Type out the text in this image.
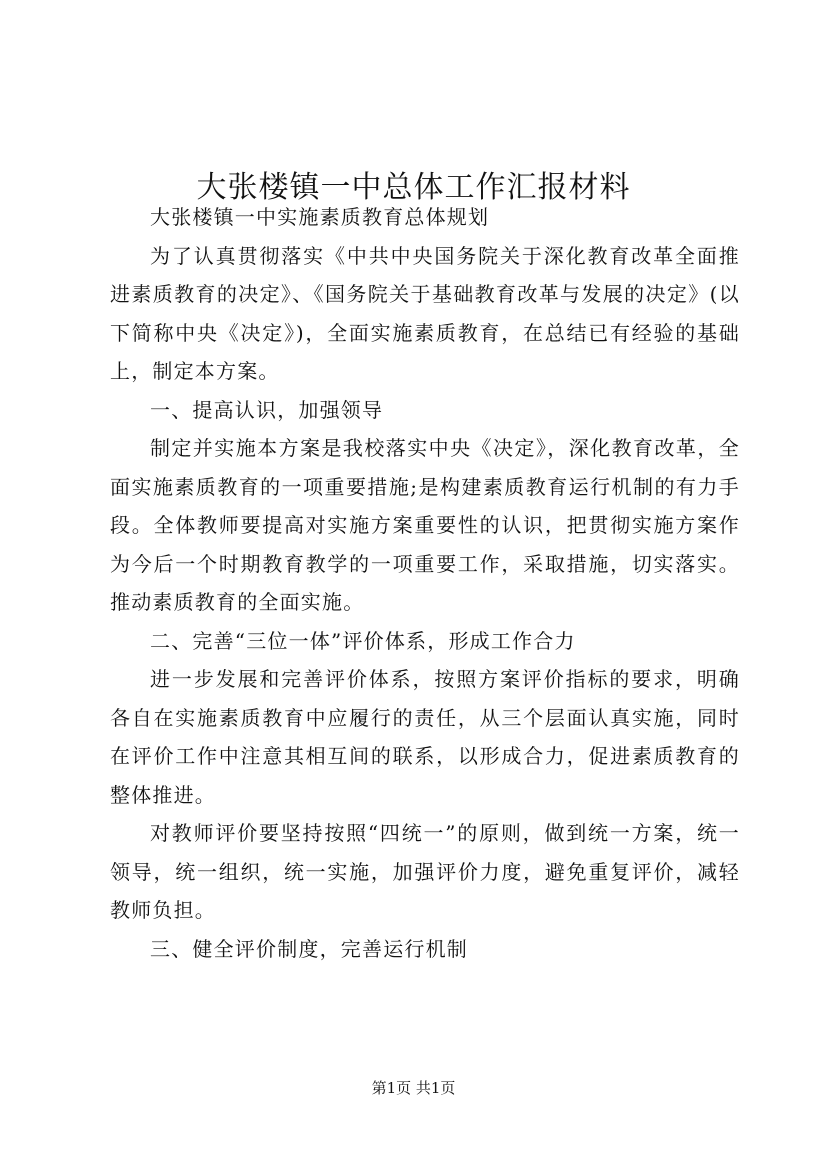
大张楼镇一中总体工作汇报材料

大张楼镇一中实施素质教育总体规划

为了认真贯彻落实《中共中央国务院关于深化教育改革全面推进素质教育的决定》、《国务院关于基础教育改革与发展的决定》(以下简称中央《决定》)，全面实施素质教育，在总结已有经验的基础上，制定本方案。

一、提高认识，加强领导

制定并实施本方案是我校落实中央《决定》，深化教育改革，全面实施素质教育的一项重要措施;是构建素质教育运行机制的有力手段。全体教师要提高对实施方案重要性的认识，把贯彻实施方案作为今后一个时期教育教学的一项重要工作，采取措施，切实落实。推动素质教育的全面实施。

二、完善“三位一体”评价体系，形成工作合力

进一步发展和完善评价体系，按照方案评价指标的要求，明确各自在实施素质教育中应履行的责任，从三个层面认真实施，同时在评价工作中注意其相互间的联系，以形成合力，促进素质教育的整体推进。

对教师评价要坚持按照“四统一”的原则，做到统一方案，统一领导，统一组织，统一实施，加强评价力度，避免重复评价，减轻教师负担。

三、健全评价制度，完善运行机制

第1页 共1页
